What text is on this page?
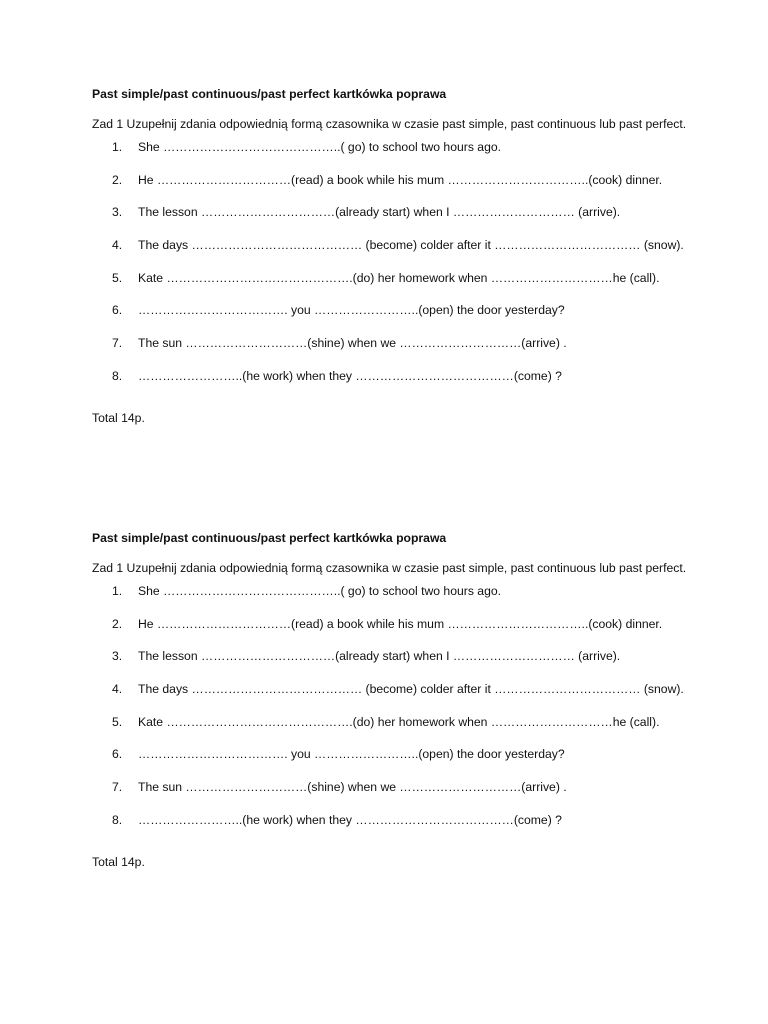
Past simple/past continuous/past perfect kartkówka poprawa
Zad 1 Uzupełnij zdania odpowiednią formą czasownika w czasie past simple, past continuous lub past perfect.
1. She ……………………………………..( go) to school two hours ago.
2. He ……………………………(read) a book while his mum ……………………………..(cook) dinner.
3. The lesson ……………………………(already start) when I ………………………… (arrive).
4. The days …………………………………… (become) colder after it ……………………………… (snow).
5. Kate ……………………………………….(do) her homework when …………………………he (call).
6. ………………………………. you ……………………..(open) the door yesterday?
7. The sun …………………………(shine) when we …………………………(arrive) .
8. ……………………..(he work) when they …………………………………(come) ?
Total 14p.
Past simple/past continuous/past perfect kartkówka poprawa
Zad 1 Uzupełnij zdania odpowiednią formą czasownika w czasie past simple, past continuous lub past perfect.
1. She ……………………………………..( go) to school two hours ago.
2. He ……………………………(read) a book while his mum ……………………………..(cook) dinner.
3. The lesson ……………………………(already start) when I ………………………… (arrive).
4. The days …………………………………… (become) colder after it ……………………………… (snow).
5. Kate ……………………………………….(do) her homework when …………………………he (call).
6. ………………………………. you ……………………..(open) the door yesterday?
7. The sun …………………………(shine) when we …………………………(arrive) .
8. ……………………..(he work) when they …………………………………(come) ?
Total 14p.
